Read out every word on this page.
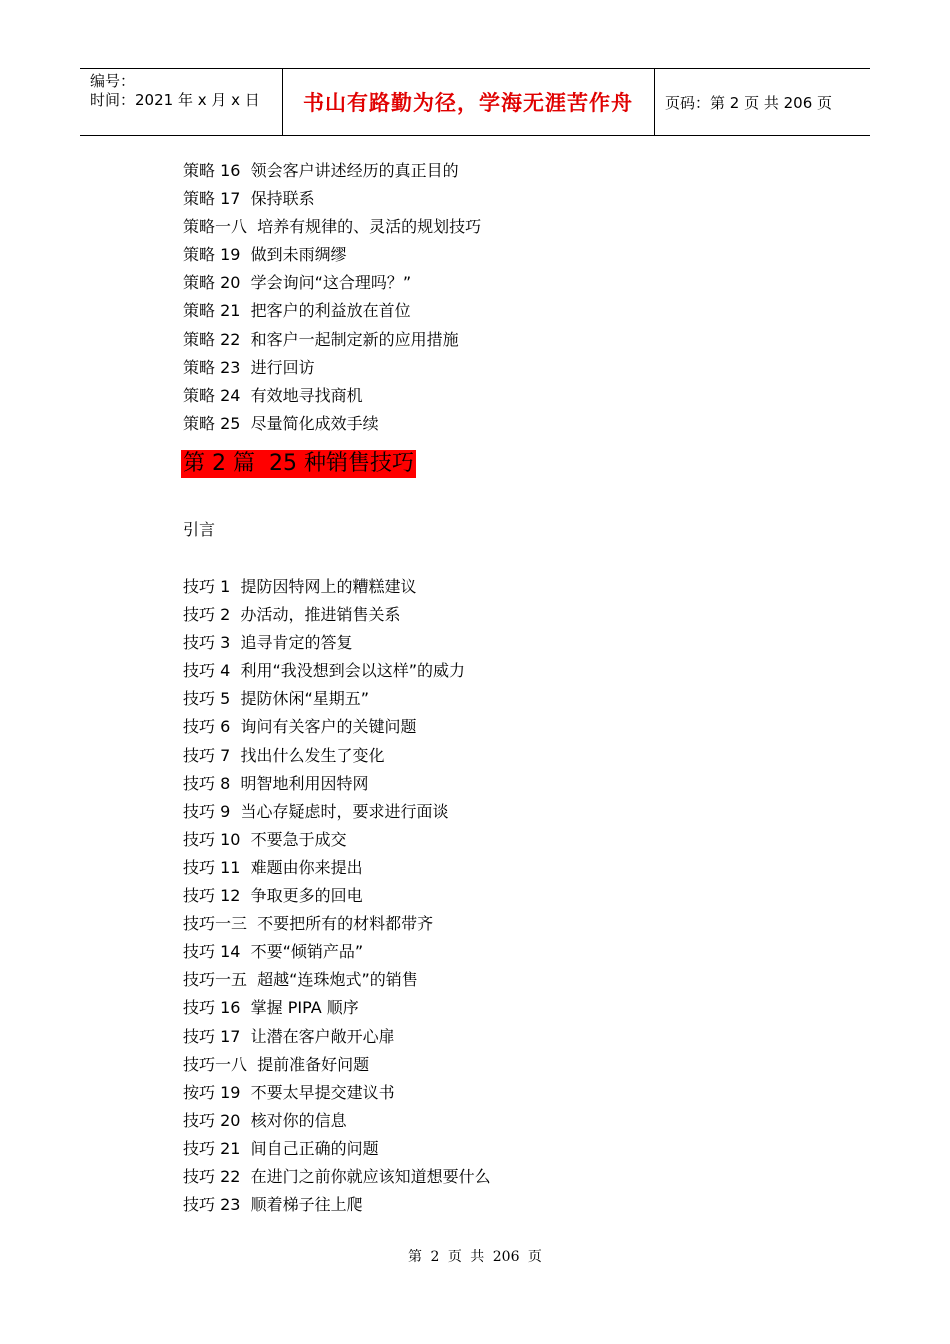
编号：
时间：2021 年 x 月 x 日	书山有路勤为径，学海无涯苦作舟	页码：第 2 页 共 206 页
策略 16  领会客户讲述经历的真正目的
策略 17  保持联系
策略一八  培养有规律的、灵活的规划技巧
策略 19  做到未雨绸缪
策略 20  学会询问“这合理吗？”
策略 21  把客户的利益放在首位
策略 22  和客户一起制定新的应用措施
策略 23  进行回访
策略 24  有效地寻找商机
策略 25  尽量简化成效手续
第 2 篇  25 种销售技巧
引言
技巧 1  提防因特网上的糟糕建议
技巧 2  办活动，推进销售关系
技巧 3  追寻肯定的答复
技巧 4  利用“我没想到会以这样”的威力
技巧 5  提防休闲“星期五”
技巧 6  询问有关客户的关键问题
技巧 7  找出什么发生了变化
技巧 8  明智地利用因特网
技巧 9  当心存疑虑时，要求进行面谈
技巧 10  不要急于成交
技巧 11  难题由你来提出
技巧 12  争取更多的回电
技巧一三  不要把所有的材料都带齐
技巧 14  不要“倾销产品”
技巧一五  超越“连珠炮式”的销售
技巧 16  掌握 PIPA 顺序
技巧 17  让潜在客户敞开心扉
技巧一八  提前准备好问题
按巧 19  不要太早提交建议书
技巧 20  核对你的信息
技巧 21  间自己正确的问题
技巧 22  在进门之前你就应该知道想要什么
技巧 23  顺着梯子往上爬
第 2 页 共 206 页
